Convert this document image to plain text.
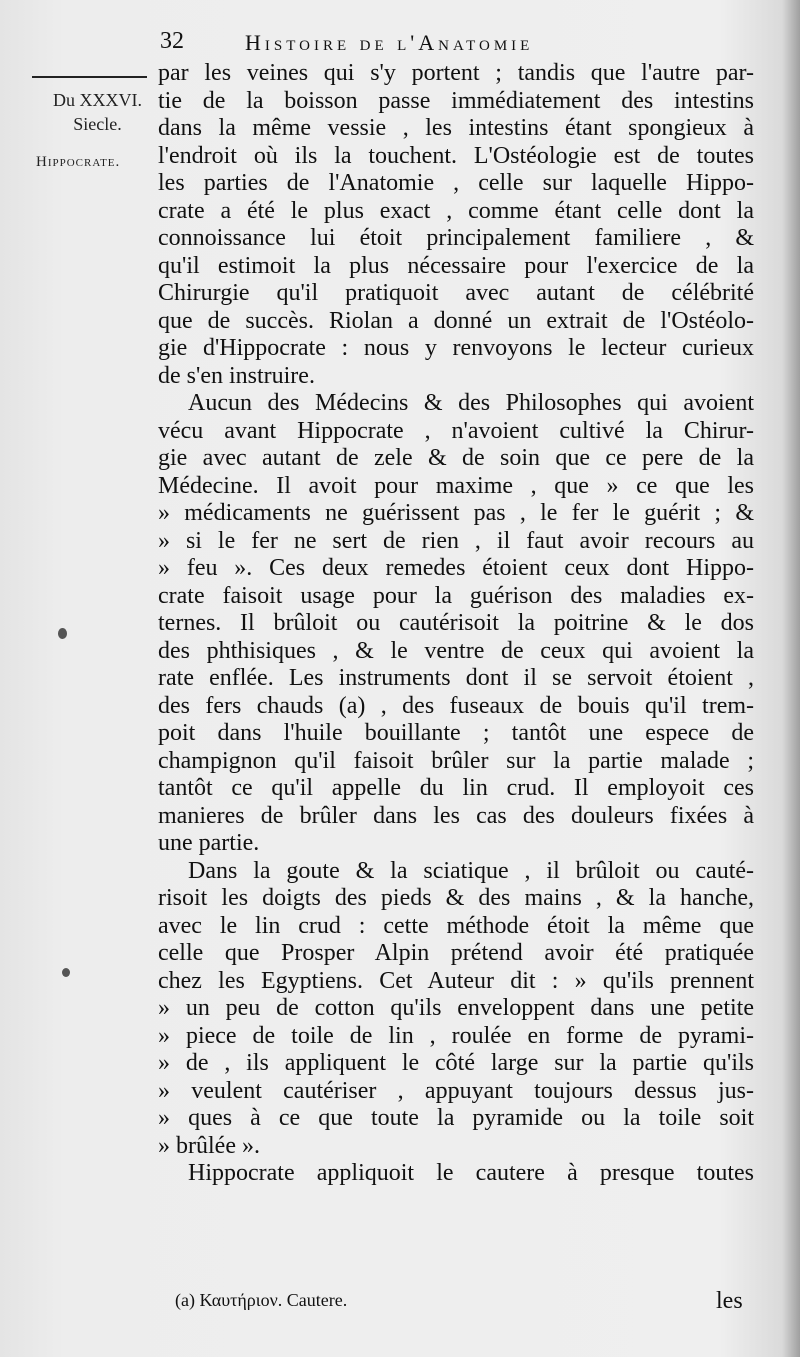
32	Histoire de l'Anatomie
Du XXXVI. Siecle.
Hippocrate.
par les veines qui s'y portent ; tandis que l'autre par-
tie de la boisson passe immédiatement des intestins
dans la même vessie , les intestins étant spongieux à
l'endroit où ils la touchent. L'Ostéologie est de toutes
les parties de l'Anatomie , celle sur laquelle Hippo-
crate a été le plus exact , comme étant celle dont la
connoissance lui étoit principalement familiere , &
qu'il estimoit la plus nécessaire pour l'exercice de la
Chirurgie qu'il pratiquoit avec autant de célébrité
que de succès. Riolan a donné un extrait de l'Ostéolo-
gie d'Hippocrate : nous y renvoyons le lecteur curieux
de s'en instruire.
Aucun des Médecins & des Philosophes qui avoient
vécu avant Hippocrate , n'avoient cultivé la Chirur-
gie avec autant de zele & de soin que ce pere de la
Médecine. Il avoit pour maxime , que » ce que les
» médicaments ne guérissent pas , le fer le guérit ; &
» si le fer ne sert de rien , il faut avoir recours au
» feu ». Ces deux remedes étoient ceux dont Hippo-
crate faisoit usage pour la guérison des maladies ex-
ternes. Il brûloit ou cautérisoit la poitrine & le dos
des phthisiques , & le ventre de ceux qui avoient la
rate enflée. Les instruments dont il se servoit étoient ,
des fers chauds (a) , des fuseaux de bouis qu'il trem-
poit dans l'huile bouillante ; tantôt une espece de
champignon qu'il faisoit brûler sur la partie malade ;
tantôt ce qu'il appelle du lin crud. Il employoit ces
manieres de brûler dans les cas des douleurs fixées à
une partie.
Dans la goute & la sciatique , il brûloit ou cauté-
risoit les doigts des pieds & des mains , & la hanche,
avec le lin crud : cette méthode étoit la même que
celle que Prosper Alpin prétend avoir été pratiquée
chez les Egyptiens. Cet Auteur dit : » qu'ils prennent
» un peu de cotton qu'ils enveloppent dans une petite
» piece de toile de lin , roulée en forme de pyrami-
» de , ils appliquent le côté large sur la partie qu'ils
» veulent cautériser , appuyant toujours dessus jus-
» ques à ce que toute la pyramide ou la toile soit
» brûlée ».
Hippocrate appliquoit le cautere à presque toutes
(a) Καυτήριον. Cautere.	les
